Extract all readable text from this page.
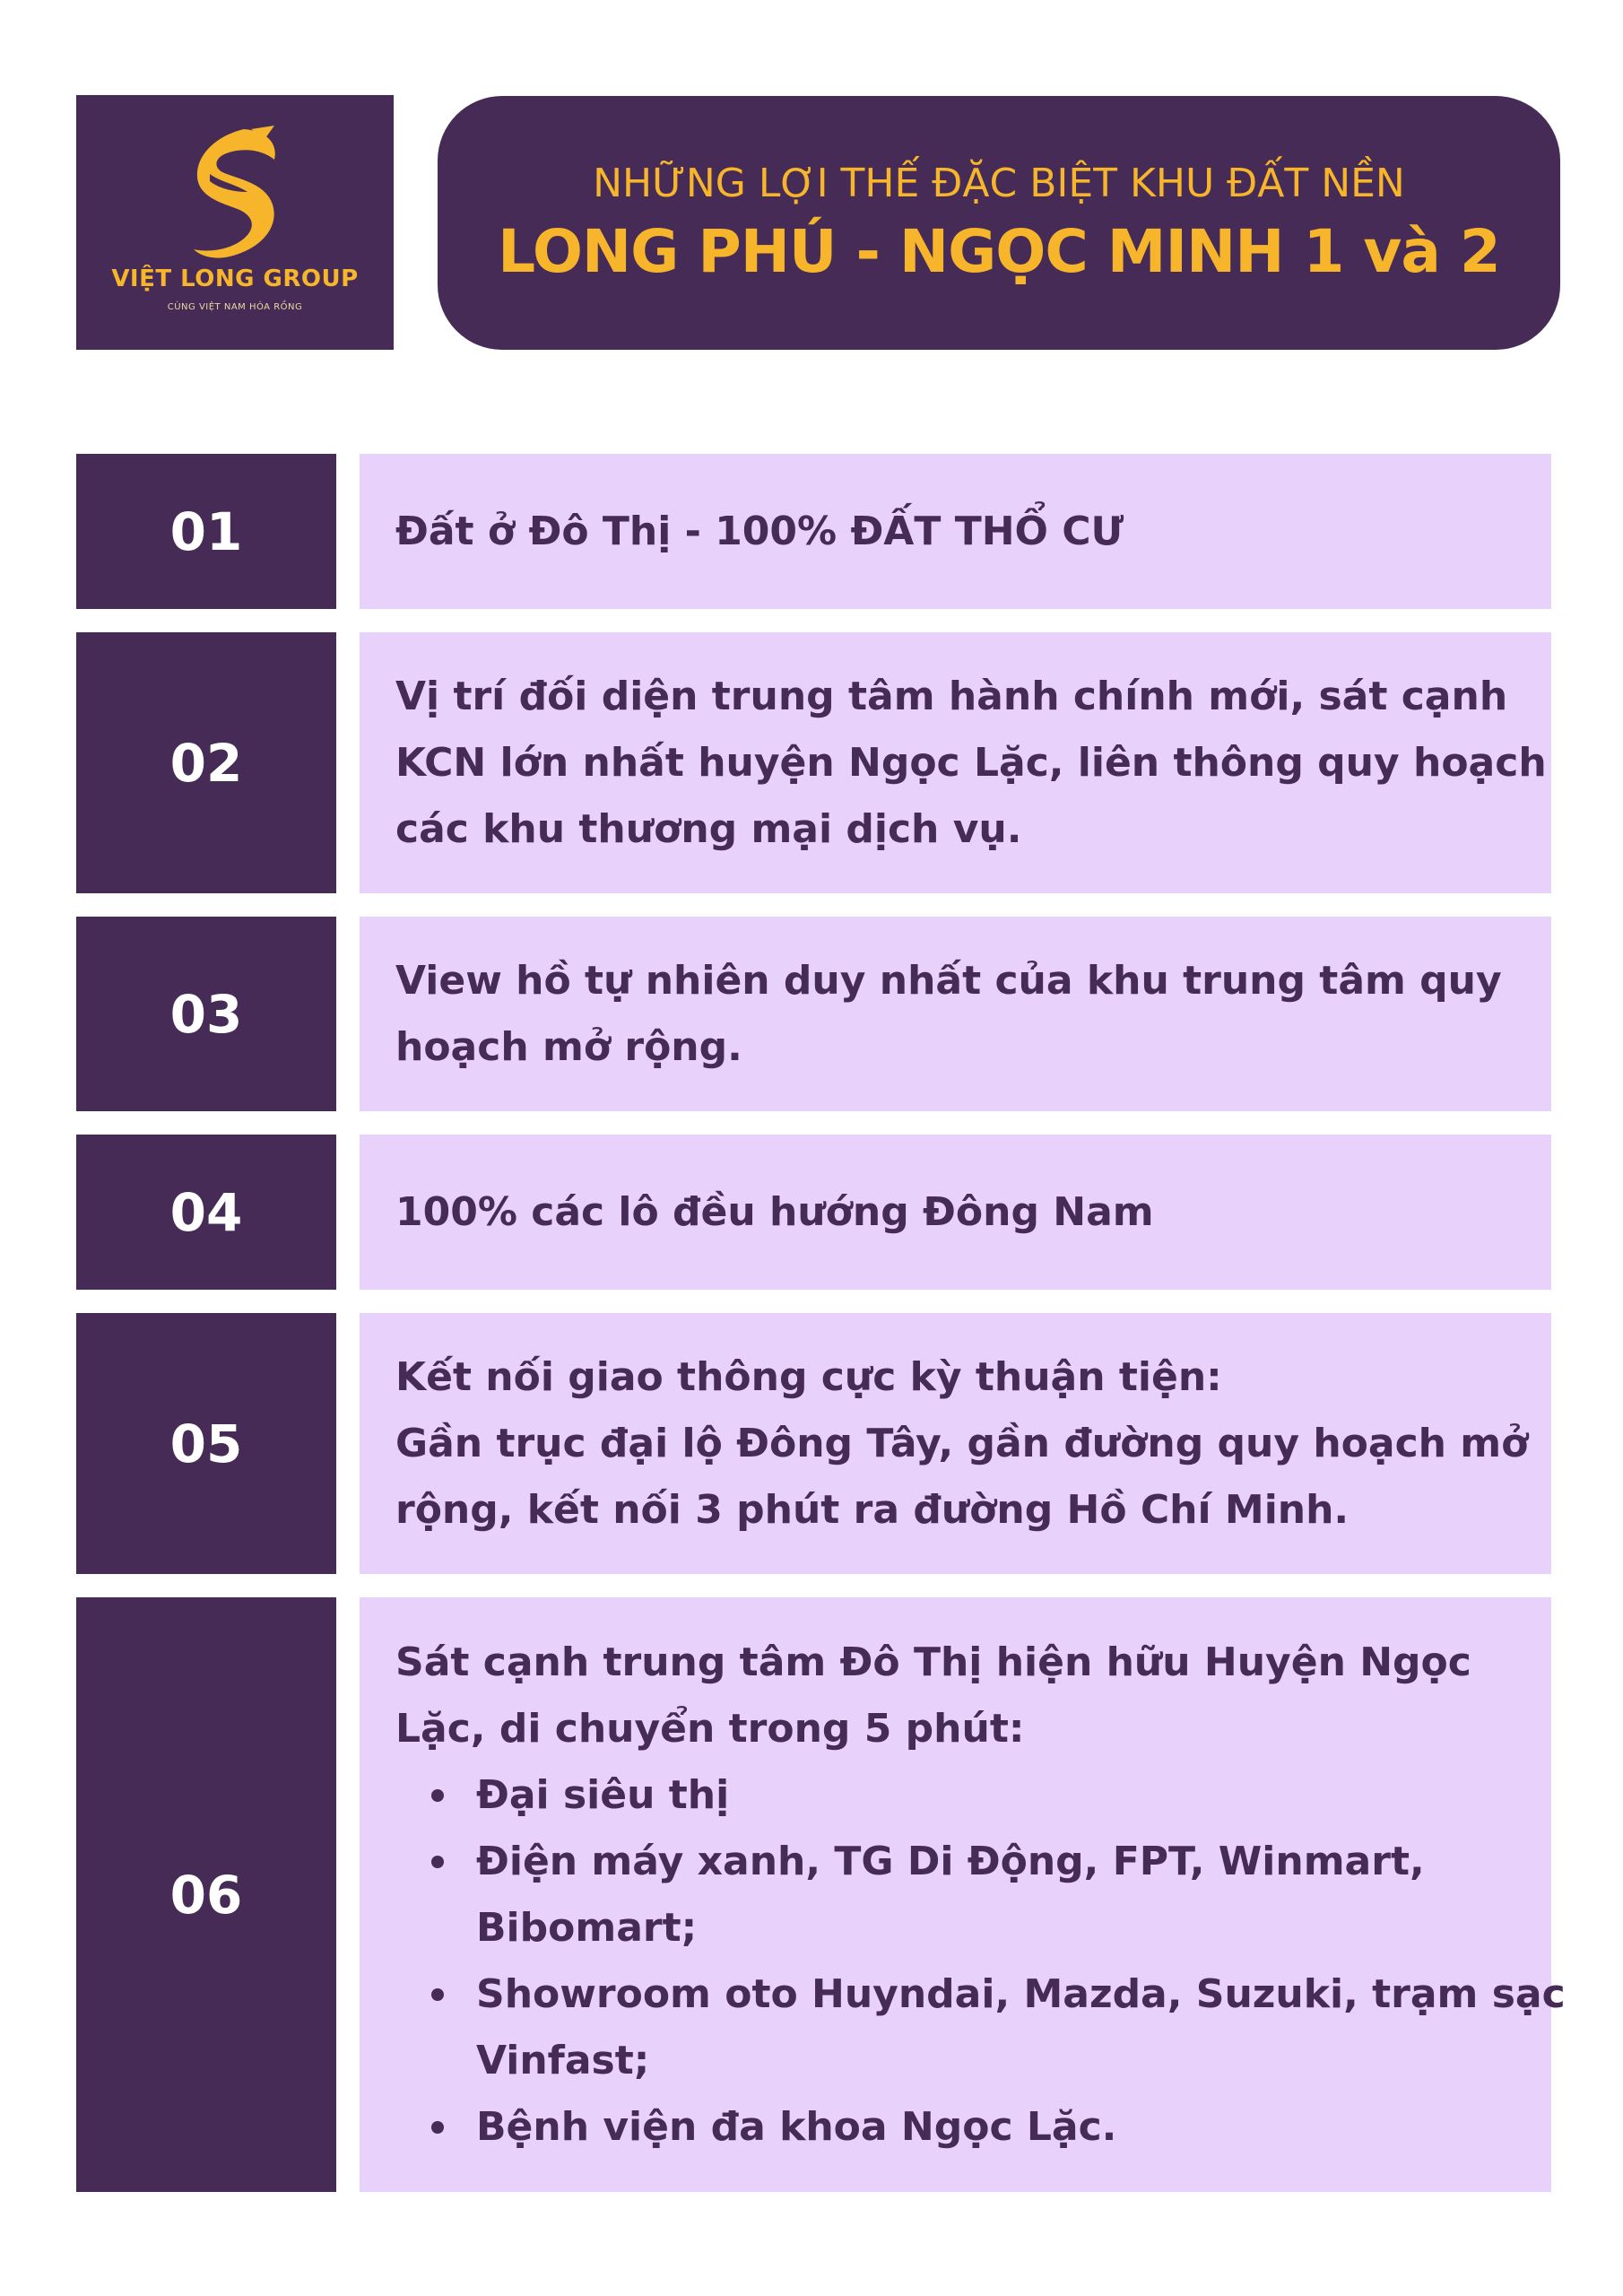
VIỆT LONG GROUP
CÙNG VIỆT NAM HÓA RỒNG
NHỮNG LỢI THẾ ĐẶC BIỆT KHU ĐẤT NỀN
LONG PHÚ - NGỌC MINH 1 và 2
01	Đất ở Đô Thị - 100% ĐẤT THỔ CƯ
02
Vị trí đối diện trung tâm hành chính mới, sát cạnh
KCN lớn nhất huyện Ngọc Lặc, liên thông quy hoạch
các khu thương mại dịch vụ.
03
View hồ tự nhiên duy nhất của khu trung tâm quy
hoạch mở rộng.
04	100% các lô đều hướng Đông Nam
05
Kết nối giao thông cực kỳ thuận tiện:
Gần trục đại lộ Đông Tây, gần đường quy hoạch mở
rộng, kết nối 3 phút ra đường Hồ Chí Minh.
06
Sát cạnh trung tâm Đô Thị hiện hữu Huyện Ngọc
Lặc, di chuyển trong 5 phút:
Đại siêu thị
Điện máy xanh, TG Di Động, FPT, Winmart,
Bibomart;
Showroom oto Huyndai, Mazda, Suzuki, trạm sạc
Vinfast;
Bệnh viện đa khoa Ngọc Lặc.
